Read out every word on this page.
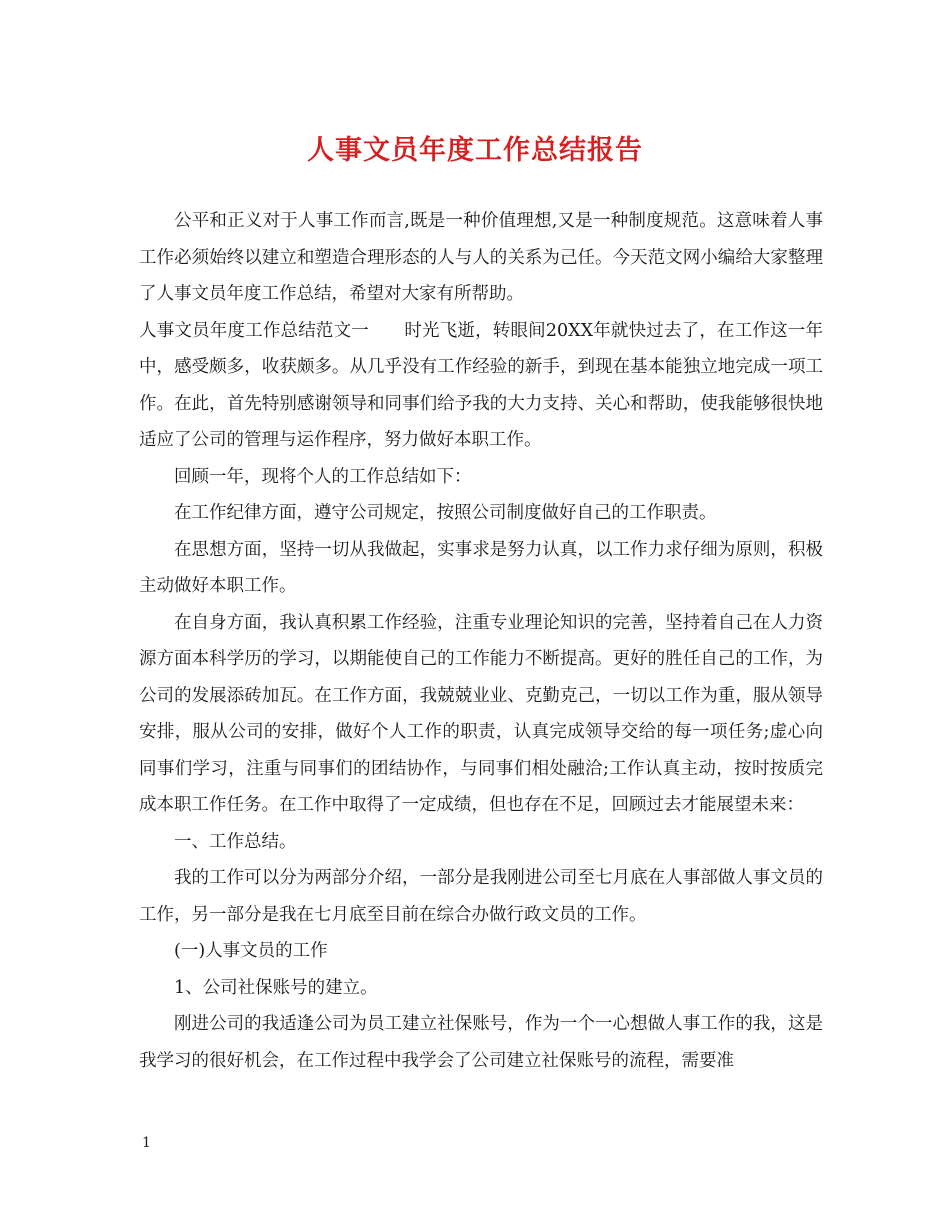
人事文员年度工作总结报告

公平和正义对于人事工作而言,既是一种价值理想,又是一种制度规范。这意味着人事工作必须始终以建立和塑造合理形态的人与人的关系为己任。今天范文网小编给大家整理了人事文员年度工作总结，希望对大家有所帮助。

人事文员年度工作总结范文一　　时光飞逝，转眼间20XX年就快过去了，在工作这一年中，感受颇多，收获颇多。从几乎没有工作经验的新手，到现在基本能独立地完成一项工作。在此，首先特别感谢领导和同事们给予我的大力支持、关心和帮助，使我能够很快地适应了公司的管理与运作程序，努力做好本职工作。

回顾一年，现将个人的工作总结如下：

在工作纪律方面，遵守公司规定，按照公司制度做好自己的工作职责。

在思想方面，坚持一切从我做起，实事求是努力认真，以工作力求仔细为原则，积极主动做好本职工作。

在自身方面，我认真积累工作经验，注重专业理论知识的完善，坚持着自己在人力资源方面本科学历的学习，以期能使自己的工作能力不断提高。更好的胜任自己的工作，为公司的发展添砖加瓦。在工作方面，我兢兢业业、克勤克己，一切以工作为重，服从领导安排，服从公司的安排，做好个人工作的职责，认真完成领导交给的每一项任务;虚心向同事们学习，注重与同事们的团结协作，与同事们相处融洽;工作认真主动，按时按质完成本职工作任务。在工作中取得了一定成绩，但也存在不足，回顾过去才能展望未来：

一、工作总结。

我的工作可以分为两部分介绍，一部分是我刚进公司至七月底在人事部做人事文员的工作，另一部分是我在七月底至目前在综合办做行政文员的工作。

(一)人事文员的工作

1、公司社保账号的建立。

刚进公司的我适逢公司为员工建立社保账号，作为一个一心想做人事工作的我，这是我学习的很好机会，在工作过程中我学会了公司建立社保账号的流程，需要准

1
